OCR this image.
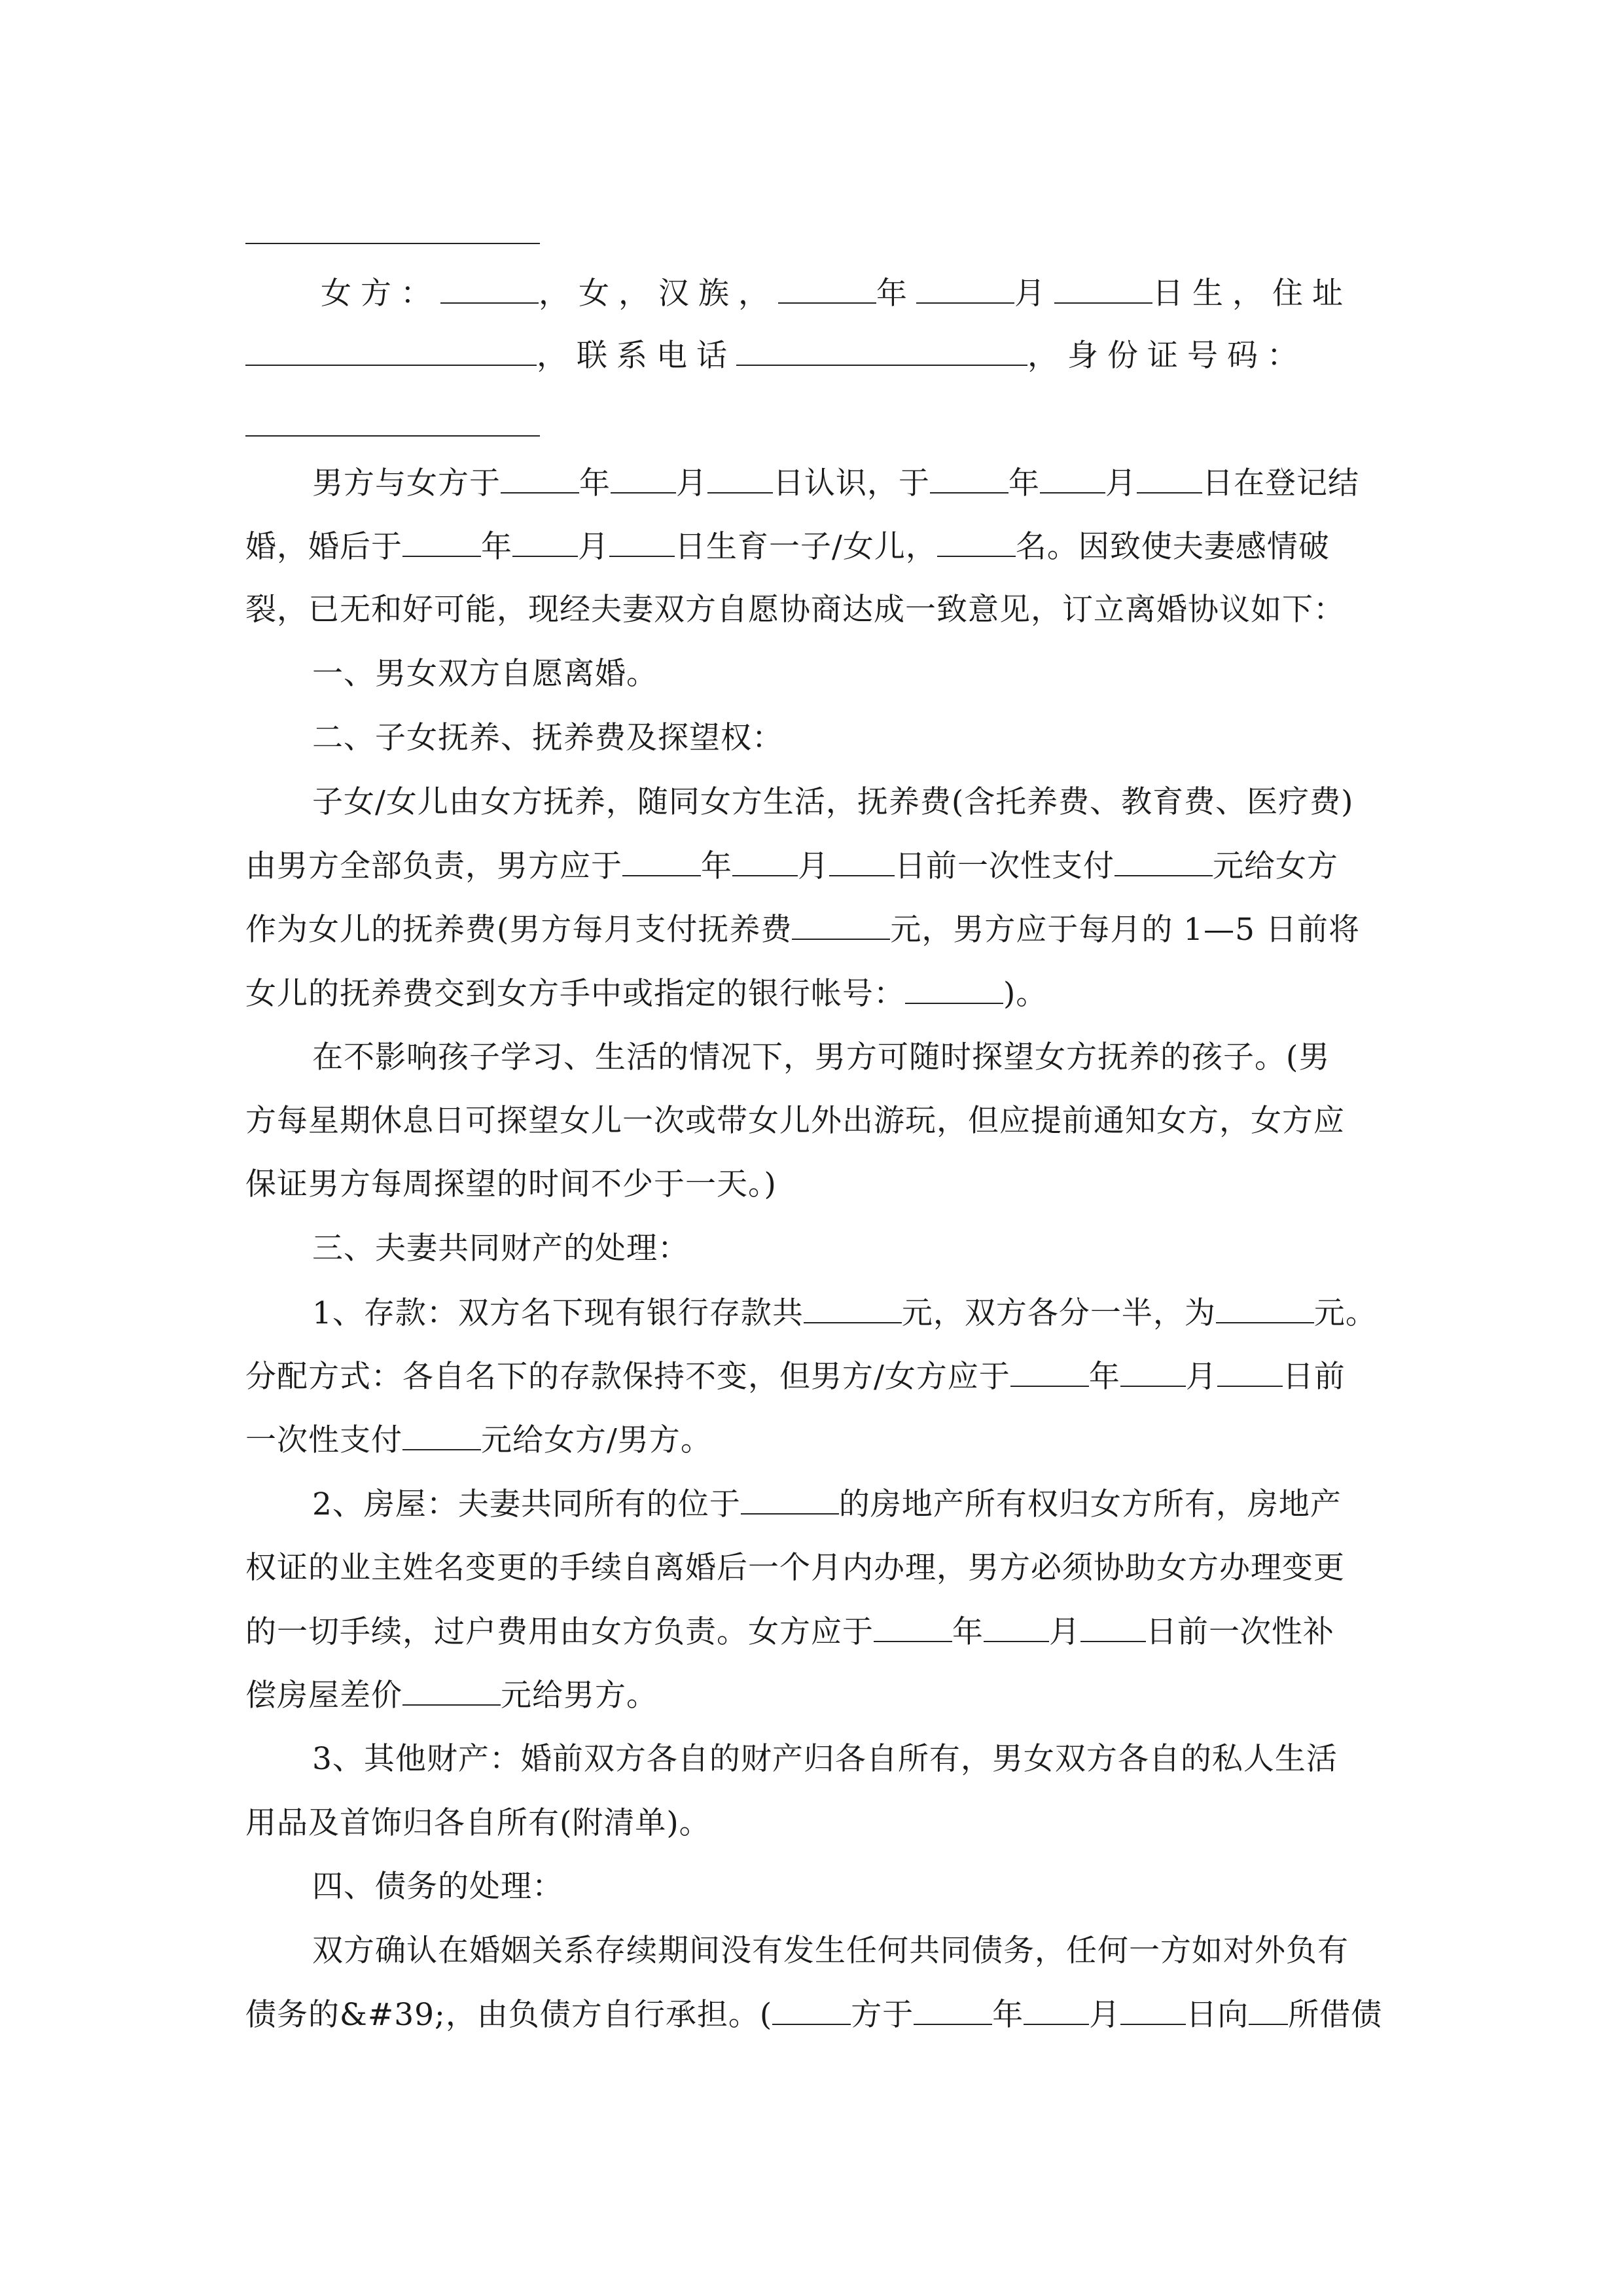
女方：	，女，汉族，	年	月	日生，住址
，联系电话	，身份证号码：
男方与女方于	年 月 日认识，于	年 月 日在登记结
婚，婚后于	年 月 日生育一子/女儿，	名。因致使夫妻感情破
裂，已无和好可能，现经夫妻双方自愿协商达成一致意见，订立离婚协议如下：
一、男女双方自愿离婚。
二、子女抚养、抚养费及探望权：
子女/女儿由女方抚养，随同女方生活，抚养费(含托养费、教育费、医疗费)
由男方全部负责，男方应于	年 月 日前一次性支付	元给女方
作为女儿的抚养费(男方每月支付抚养费	元，男方应于每月的 1—5 日前将
女儿的抚养费交到女方手中或指定的银行帐号：	)。
在不影响孩子学习、生活的情况下，男方可随时探望女方抚养的孩子。(男
方每星期休息日可探望女儿一次或带女儿外出游玩，但应提前通知女方，女方应
保证男方每周探望的时间不少于一天。)
三、夫妻共同财产的处理：
1、存款：双方名下现有银行存款共	元，双方各分一半，为	元。
分配方式：各自名下的存款保持不变，但男方/女方应于	年 月 日前
一次性支付	元给女方/男方。
2、房屋：夫妻共同所有的位于	的房地产所有权归女方所有，房地产
权证的业主姓名变更的手续自离婚后一个月内办理，男方必须协助女方办理变更
的一切手续，过户费用由女方负责。女方应于	年 月 日前一次性补
偿房屋差价	元给男方。
3、其他财产：婚前双方各自的财产归各自所有，男女双方各自的私人生活
用品及首饰归各自所有(附清单)。
四、债务的处理：
双方确认在婚姻关系存续期间没有发生任何共同债务，任何一方如对外负有
债务的&#39;，由负债方自行承担。(	方于	年 月 日向 所借债
